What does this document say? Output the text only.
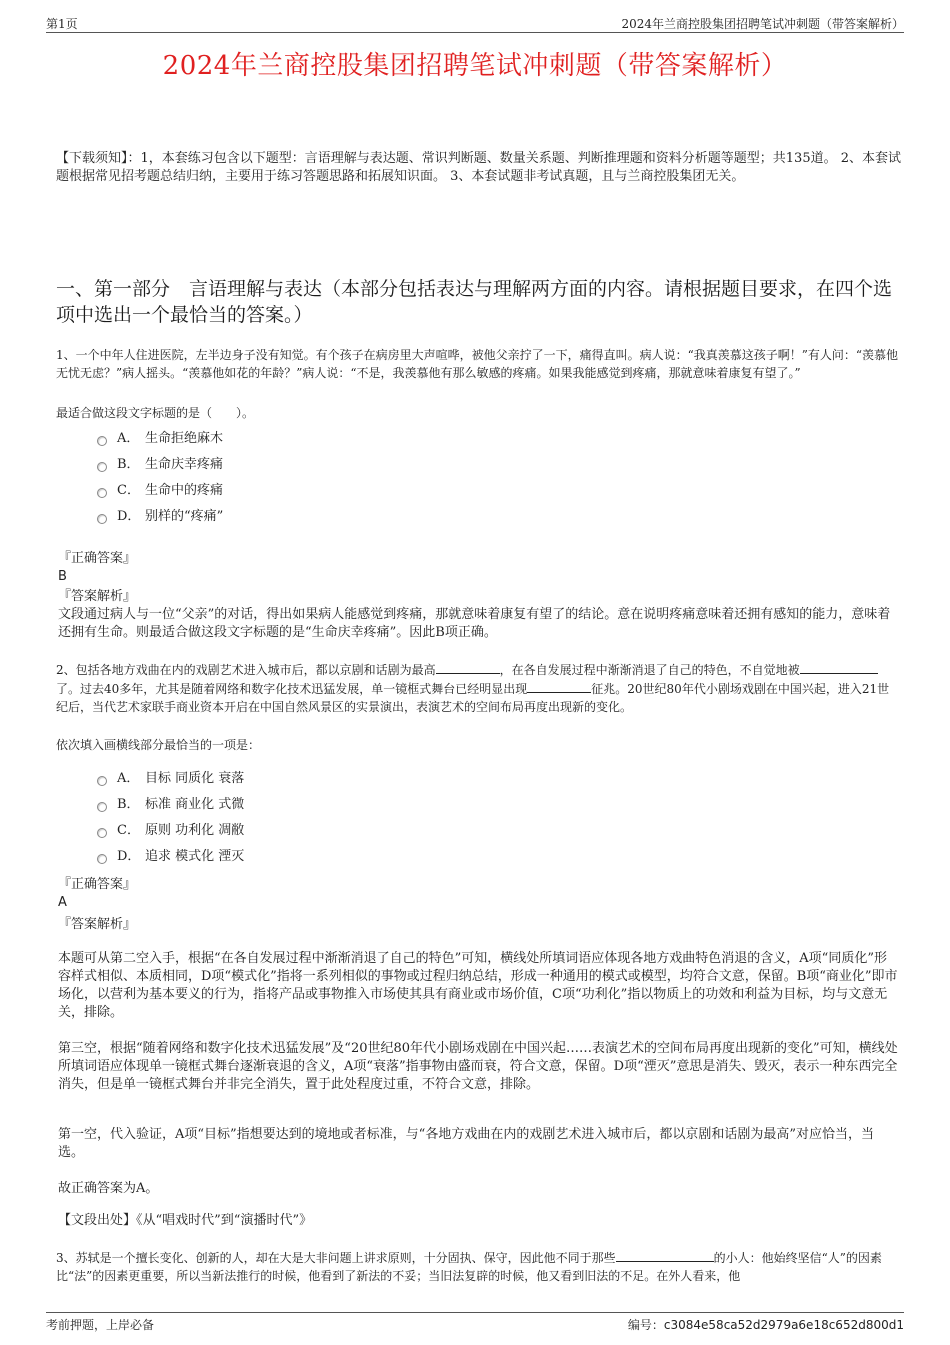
第1页	2024年兰商控股集团招聘笔试冲刺题（带答案解析）
2024年兰商控股集团招聘笔试冲刺题（带答案解析）
【下载须知】：1，本套练习包含以下题型：言语理解与表达题、常识判断题、数量关系题、判断推理题和资料分析题等题型；共135道。 2、本套试题根据常见招考题总结归纳，主要用于练习答题思路和拓展知识面。 3、本套试题非考试真题，且与兰商控股集团无关。
一、第一部分　言语理解与表达（本部分包括表达与理解两方面的内容。请根据题目要求，在四个选项中选出一个最恰当的答案。）
1、一个中年人住进医院，左半边身子没有知觉。有个孩子在病房里大声喧哗，被他父亲拧了一下，痛得直叫。病人说：“我真羡慕这孩子啊！”有人问：“羡慕他无忧无虑？”病人摇头。“羡慕他如花的年龄？”病人说：“不是，我羡慕他有那么敏感的疼痛。如果我能感觉到疼痛，那就意味着康复有望了。”
最适合做这段文字标题的是（　　）。
A． 生命拒绝麻木
B． 生命庆幸疼痛
C． 生命中的疼痛
D． 别样的“疼痛”
『正确答案』
B
『答案解析』
文段通过病人与一位“父亲”的对话，得出如果病人能感觉到疼痛，那就意味着康复有望了的结论。意在说明疼痛意味着还拥有感知的能力，意味着还拥有生命。则最适合做这段文字标题的是“生命庆幸疼痛”。因此B项正确。
2、包括各地方戏曲在内的戏剧艺术进入城市后，都以京剧和话剧为最高	，在各自发展过程中渐渐消退了自己的特色，不自觉地被了。过去40多年，尤其是随着网络和数字化技术迅猛发展，单一镜框式舞台已经明显出现	征兆。20世纪80年代小剧场戏剧在中国兴起，进入21世纪后，当代艺术家联手商业资本开启在中国自然风景区的实景演出，表演艺术的空间布局再度出现新的变化。
依次填入画横线部分最恰当的一项是：
A． 目标 同质化 衰落
B． 标准 商业化 式微
C． 原则 功利化 凋敝
D． 追求 模式化 湮灭
『正确答案』
A
『答案解析』
本题可从第二空入手，根据“在各自发展过程中渐渐消退了自己的特色”可知，横线处所填词语应体现各地方戏曲特色消退的含义，A项“同质化”形容样式相似、本质相同，D项“模式化”指将一系列相似的事物或过程归纳总结，形成一种通用的模式或模型，均符合文意，保留。B项“商业化”即市场化，以营利为基本要义的行为，指将产品或事物推入市场使其具有商业或市场价值，C项“功利化”指以物质上的功效和利益为目标，均与文意无关，排除。
第三空，根据“随着网络和数字化技术迅猛发展”及“20世纪80年代小剧场戏剧在中国兴起……表演艺术的空间布局再度出现新的变化”可知，横线处所填词语应体现单一镜框式舞台逐渐衰退的含义，A项“衰落”指事物由盛而衰，符合文意，保留。D项“湮灭”意思是消失、毁灭，表示一种东西完全消失，但是单一镜框式舞台并非完全消失，置于此处程度过重，不符合文意，排除。
第一空，代入验证，A项“目标”指想要达到的境地或者标准，与“各地方戏曲在内的戏剧艺术进入城市后，都以京剧和话剧为最高”对应恰当，当选。
故正确答案为A。
【文段出处】《从“唱戏时代”到“演播时代”》
3、苏轼是一个擅长变化、创新的人，却在大是大非问题上讲求原则，十分固执、保守，因此他不同于那些	的小人：他始终坚信“人”的因素比“法”的因素更重要，所以当新法推行的时候，他看到了新法的不妥；当旧法复辟的时候，他又看到旧法的不足。在外人看来，他
考前押题，上岸必备	编号：c3084e58ca52d2979a6e18c652d800d1
